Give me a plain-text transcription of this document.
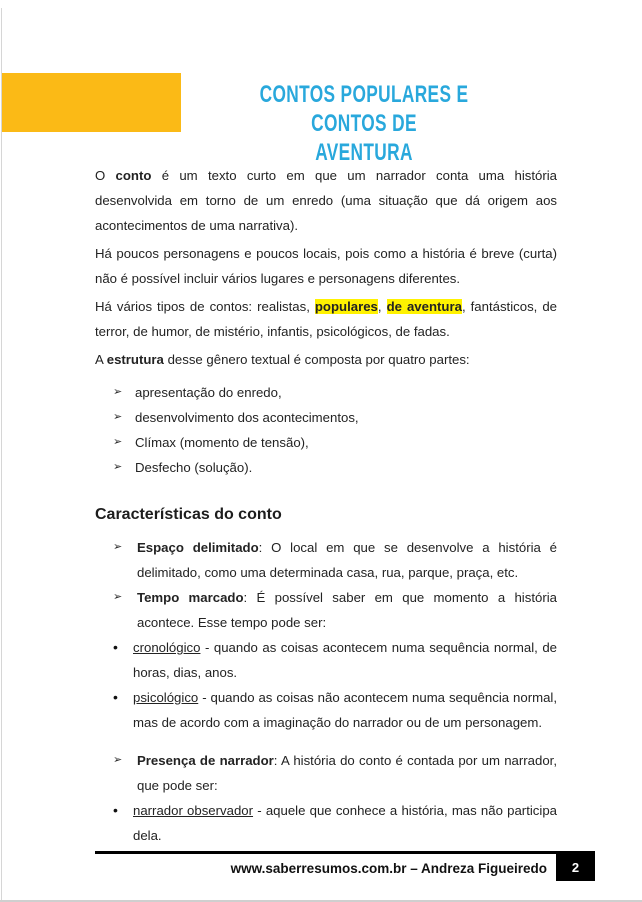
CONTOS POPULARES E CONTOS DE
AVENTURA

O conto é um texto curto em que um narrador conta uma história desenvolvida em torno de um enredo (uma situação que dá origem aos acontecimentos de uma narrativa).

Há poucos personagens e poucos locais, pois como a história é breve (curta) não é possível incluir vários lugares e personagens diferentes.

Há vários tipos de contos: realistas, populares, de aventura, fantásticos, de terror, de humor, de mistério, infantis, psicológicos, de fadas.

A estrutura desse gênero textual é composta por quatro partes:

➢ apresentação do enredo,
➢ desenvolvimento dos acontecimentos,
➢ Clímax (momento de tensão),
➢ Desfecho (solução).
Características do conto
➢ Espaço delimitado: O local em que se desenvolve a história é delimitado, como uma determinada casa, rua, parque, praça, etc.
➢ Tempo marcado: É possível saber em que momento a história acontece. Esse tempo pode ser:
• cronológico - quando as coisas acontecem numa sequência normal, de horas, dias, anos.
• psicológico - quando as coisas não acontecem numa sequência normal, mas de acordo com a imaginação do narrador ou de um personagem.
➢ Presença de narrador: A história do conto é contada por um narrador, que pode ser:
• narrador observador - aquele que conhece a história, mas não participa dela.
www.saberresumos.com.br – Andreza Figueiredo 2
